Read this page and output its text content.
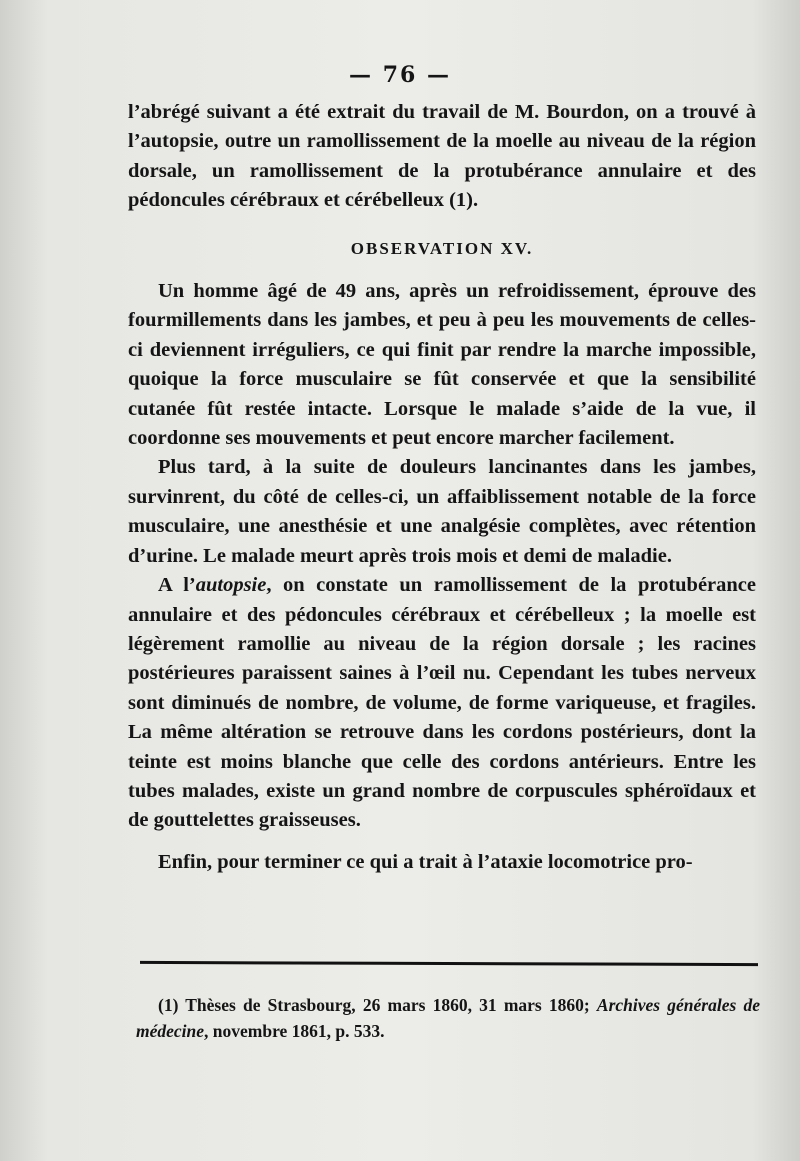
— 76 —

l’abrégé suivant a été extrait du travail de M. Bourdon, on a trouvé à l’autopsie, outre un ramollissement de la moelle au niveau de la région dorsale, un ramollissement de la protubérance annulaire et des pédoncules cérébraux et cérébelleux (1).

OBSERVATION XV.

Un homme âgé de 49 ans, après un refroidissement, éprouve des fourmillements dans les jambes, et peu à peu les mouvements de celles-ci deviennent irréguliers, ce qui finit par rendre la marche impossible, quoique la force musculaire se fût conservée et que la sensibilité cutanée fût restée intacte. Lorsque le malade s’aide de la vue, il coordonne ses mouvements et peut encore marcher facilement.

Plus tard, à la suite de douleurs lancinantes dans les jambes, survinrent, du côté de celles-ci, un affaiblissement notable de la force musculaire, une anesthésie et une analgésie complètes, avec rétention d’urine. Le malade meurt après trois mois et demi de maladie.

A l’autopsie, on constate un ramollissement de la protubérance annulaire et des pédoncules cérébraux et cérébelleux ; la moelle est légèrement ramollie au niveau de la région dorsale ; les racines postérieures paraissent saines à l’œil nu. Cependant les tubes nerveux sont diminués de nombre, de volume, de forme variqueuse, et fragiles. La même altération se retrouve dans les cordons postérieurs, dont la teinte est moins blanche que celle des cordons antérieurs. Entre les tubes malades, existe un grand nombre de corpuscules sphéroïdaux et de gouttelettes graisseuses.

Enfin, pour terminer ce qui a trait à l’ataxie locomotrice pro-

(1) Thèses de Strasbourg, 26 mars 1860, 31 mars 1860; Archives générales de médecine, novembre 1861, p. 533.
